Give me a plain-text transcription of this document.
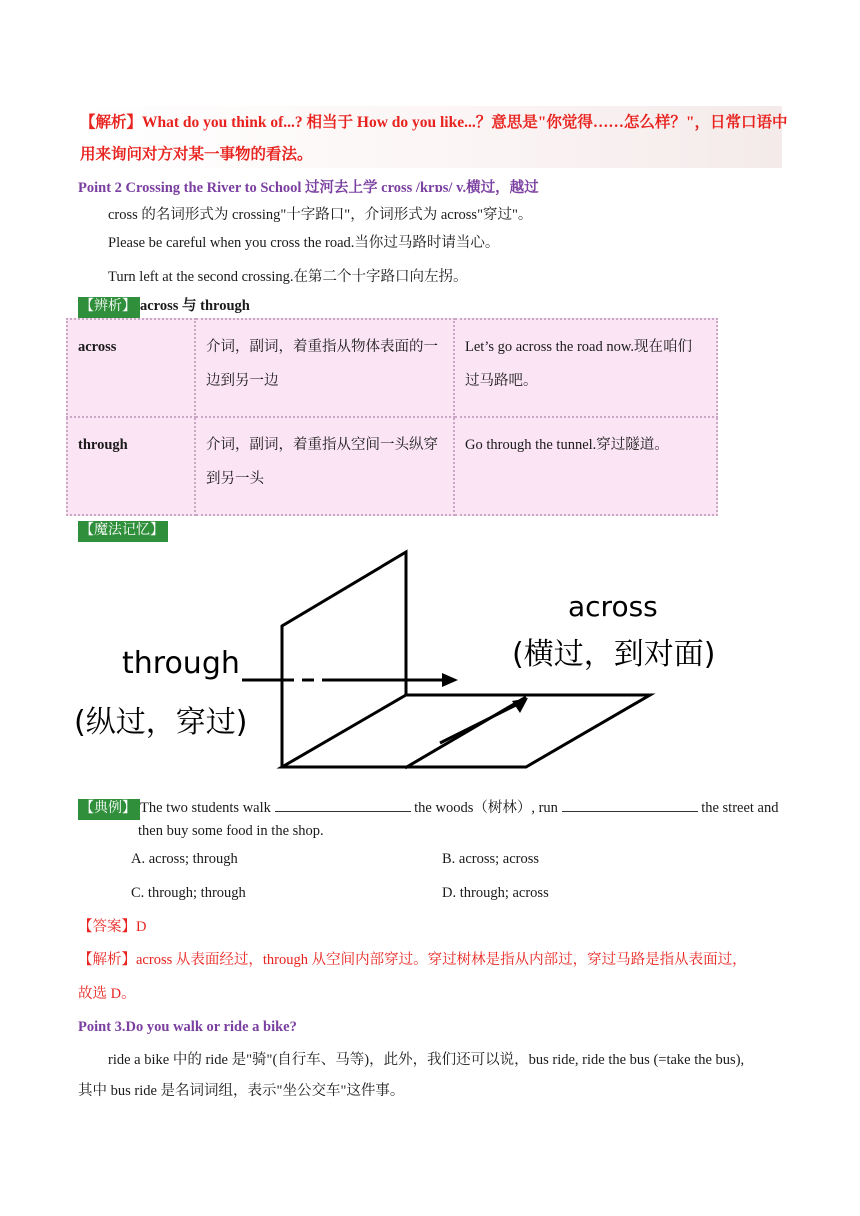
【解析】What do you think of...? 相当于 How do you like...？意思是"你觉得……怎么样？"，日常口语中
用来询问对方对某一事物的看法。
Point 2 Crossing the River to School 过河去上学 cross /krɒs/ v.横过，越过
cross 的名词形式为 crossing"十字路口"，介词形式为 across"穿过"。
Please be careful when you cross the road.当你过马路时请当心。
Turn left at the second crossing.在第二个十字路口向左拐。
【辨析】 across 与 through
across	介词，副词，着重指从物体表面的一
边到另一边	Let’s go across the road now.现在咱们
过马路吧。
through	介词，副词，着重指从空间一头纵穿
到另一头	Go through the tunnel.穿过隧道。

【魔法记忆】
through
(纵过，穿过)
across
(横过，到对面)
【典例】 The two students walk	the woods（树林）, run	the street and
then buy some food in the shop.
A. across; through	B. across; across
C. through; through	D. through; across
【答案】D
【解析】across 从表面经过，through 从空间内部穿过。穿过树林是指从内部过，穿过马路是指从表面过，
故选 D。
Point 3.Do you walk or ride a bike?
ride a bike 中的 ride 是"骑"(自行车、马等)，此外，我们还可以说，bus ride, ride the bus (=take the bus),
其中 bus ride 是名词词组，表示"坐公交车"这件事。
